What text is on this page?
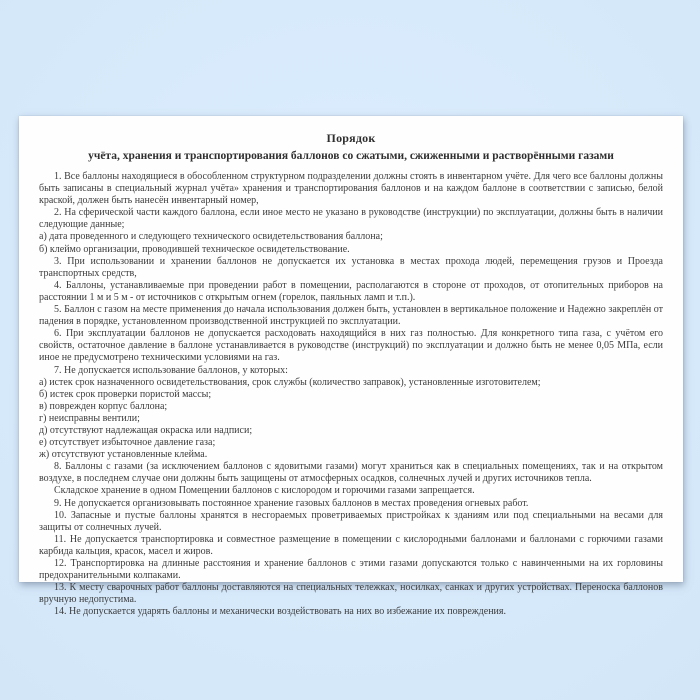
Порядок
учёта, хранения и транспортирования баллонов со сжатыми, сжиженными и растворёнными газами

1. Все баллоны находящиеся в обособленном структурном подразделении должны стоять в инвентарном учёте. Для чего все баллоны должны быть записаны в специальный журнал учёта» хранения и транспортирования баллонов и на каждом баллоне в соответствии с записью, белой краской, должен быть нанесён инвентарный номер,

2. На сферической части каждого баллона, если иное место не указано в руководстве (инструкции) по эксплуатации, должны быть в наличии следующие данные;

а) дата проведенного и следующего технического освидетельствования баллона;

б) клеймо организации, проводившей техническое освидетельствование.

3. При использовании и хранении баллонов не допускается их установка в местах прохода людей, перемещения грузов и Проезда транспортных средств,

4. Баллоны, устанавливаемые при проведении работ в помещении, располагаются в стороне от проходов, от отопительных приборов на расстоянии 1 м и 5 м - от источников с открытым огнем (горелок, паяльных ламп и т.п.).

5. Баллон с газом на месте применения до начала использования должен быть, установлен в вертикальное положение и Надежно закреплён от падения в порядке, установленном производственной инструкцией по эксплуатации.

6. При эксплуатации баллонов не допускается расходовать находящийся в них газ полностью. Для конкретного типа газа, с учётом его свойств, остаточное давление в баллоне устанавливается в руководстве (инструкций) по эксплуатации и должно быть не менее 0,05 МПа, если иное не предусмотрено техническими условиями на газ.

7. Не допускается использование баллонов, у которых:

а) истек срок назначенного освидетельствования, срок службы (количество заправок), установленные изготовителем;

б) истек срок проверки пористой массы;

в) поврежден корпус баллона;

г) неисправны вентили;

д) отсутствуют надлежащая окраска или надписи;

е) отсутствует избыточное давление газа;

ж) отсутствуют установленные клейма.

8. Баллоны с газами (за исключением баллонов с ядовитыми газами) могут храниться как в специальных помещениях, так и на открытом воздухе, в последнем случае они должны быть защищены от атмосферных осадков, солнечных лучей и других источников тепла.

Складское хранение в одном Помещении баллонов с кислородом и горючими газами запрещается.

9. Не допускается организовывать постоянное хранение газовых баллонов в местах проведения огневых работ.

10. Запасные и пустые баллоны хранятся в несгораемых проветриваемых пристройках к зданиям или под специальными на весами для защиты от солнечных лучей.

11. Не допускается транспортировка и совместное размещение в помещении с кислородными баллонами и баллонами с горючими газами карбида кальция, красок, масел и жиров.

12. Транспортировка на длинные расстояния и хранение баллонов с этими газами допускаются только с навинченными на их горловины предохранительными колпаками.

13. К месту сварочных работ баллоны доставляются на специальных тележках, носилках, санках и других устройствах. Переноска баллонов вручную недопустима.

14. Не допускается ударять баллоны и механически воздействовать на них во избежание их повреждения.
